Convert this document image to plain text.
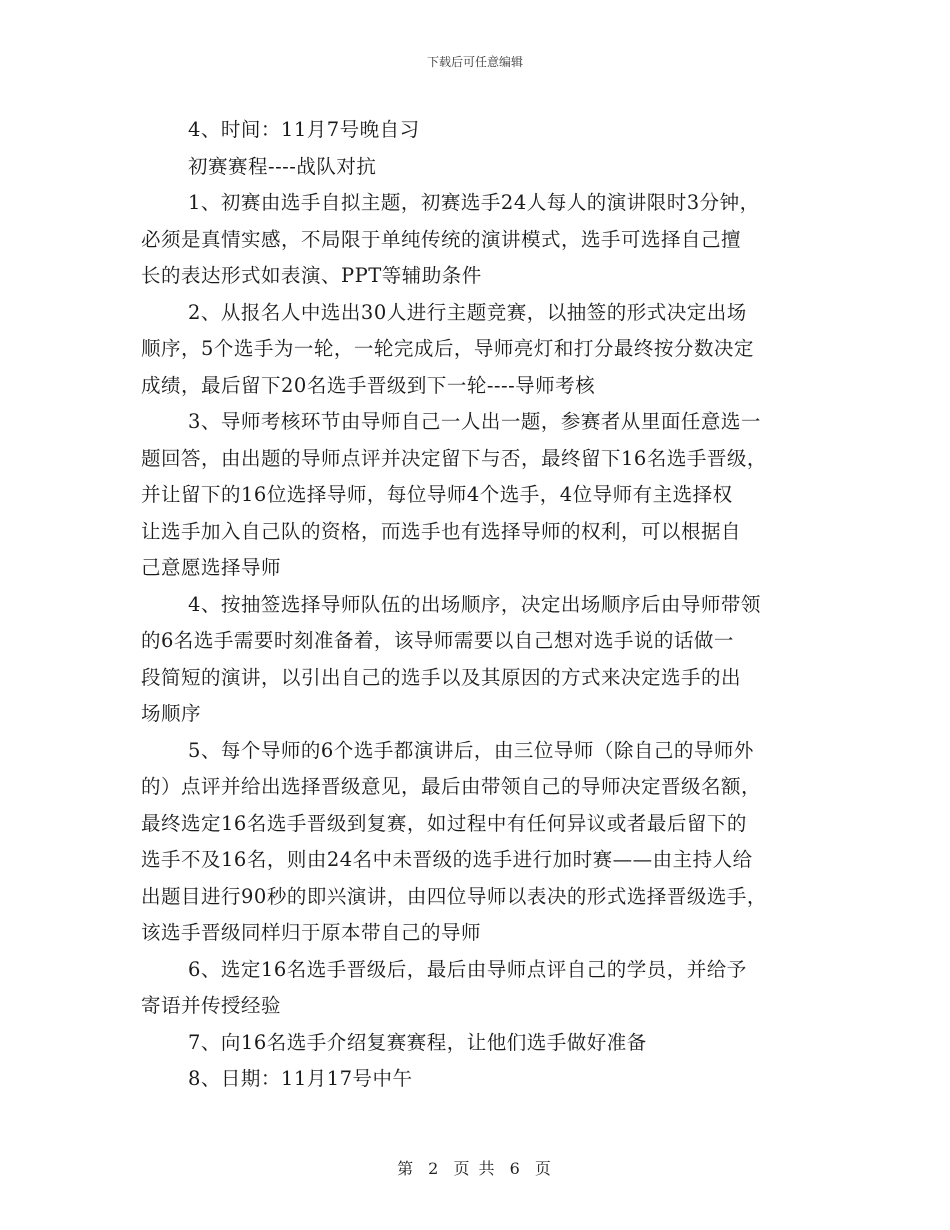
下载后可任意编辑
4、时间：11月7号晚自习
初赛赛程----战队对抗
1、初赛由选手自拟主题，初赛选手24人每人的演讲限时3分钟，
必须是真情实感，不局限于单纯传统的演讲模式，选手可选择自己擅
长的表达形式如表演、PPT等辅助条件
2、从报名人中选出30人进行主题竞赛，以抽签的形式决定出场
顺序，5个选手为一轮，一轮完成后，导师亮灯和打分最终按分数决定
成绩，最后留下20名选手晋级到下一轮----导师考核
3、导师考核环节由导师自己一人出一题，参赛者从里面任意选一
题回答，由出题的导师点评并决定留下与否，最终留下16名选手晋级，
并让留下的16位选择导师，每位导师4个选手，4位导师有主选择权
让选手加入自己队的资格，而选手也有选择导师的权利，可以根据自
己意愿选择导师
4、按抽签选择导师队伍的出场顺序，决定出场顺序后由导师带领
的6名选手需要时刻准备着，该导师需要以自己想对选手说的话做一
段简短的演讲，以引出自己的选手以及其原因的方式来决定选手的出
场顺序
5、每个导师的6个选手都演讲后，由三位导师（除自己的导师外
的）点评并给出选择晋级意见，最后由带领自己的导师决定晋级名额，
最终选定16名选手晋级到复赛，如过程中有任何异议或者最后留下的
选手不及16名，则由24名中未晋级的选手进行加时赛——由主持人给
出题目进行90秒的即兴演讲，由四位导师以表决的形式选择晋级选手，
该选手晋级同样归于原本带自己的导师
6、选定16名选手晋级后，最后由导师点评自己的学员，并给予
寄语并传授经验
7、向16名选手介绍复赛赛程，让他们选手做好准备
8、日期：11月17号中午
第 2 页 共 6 页
